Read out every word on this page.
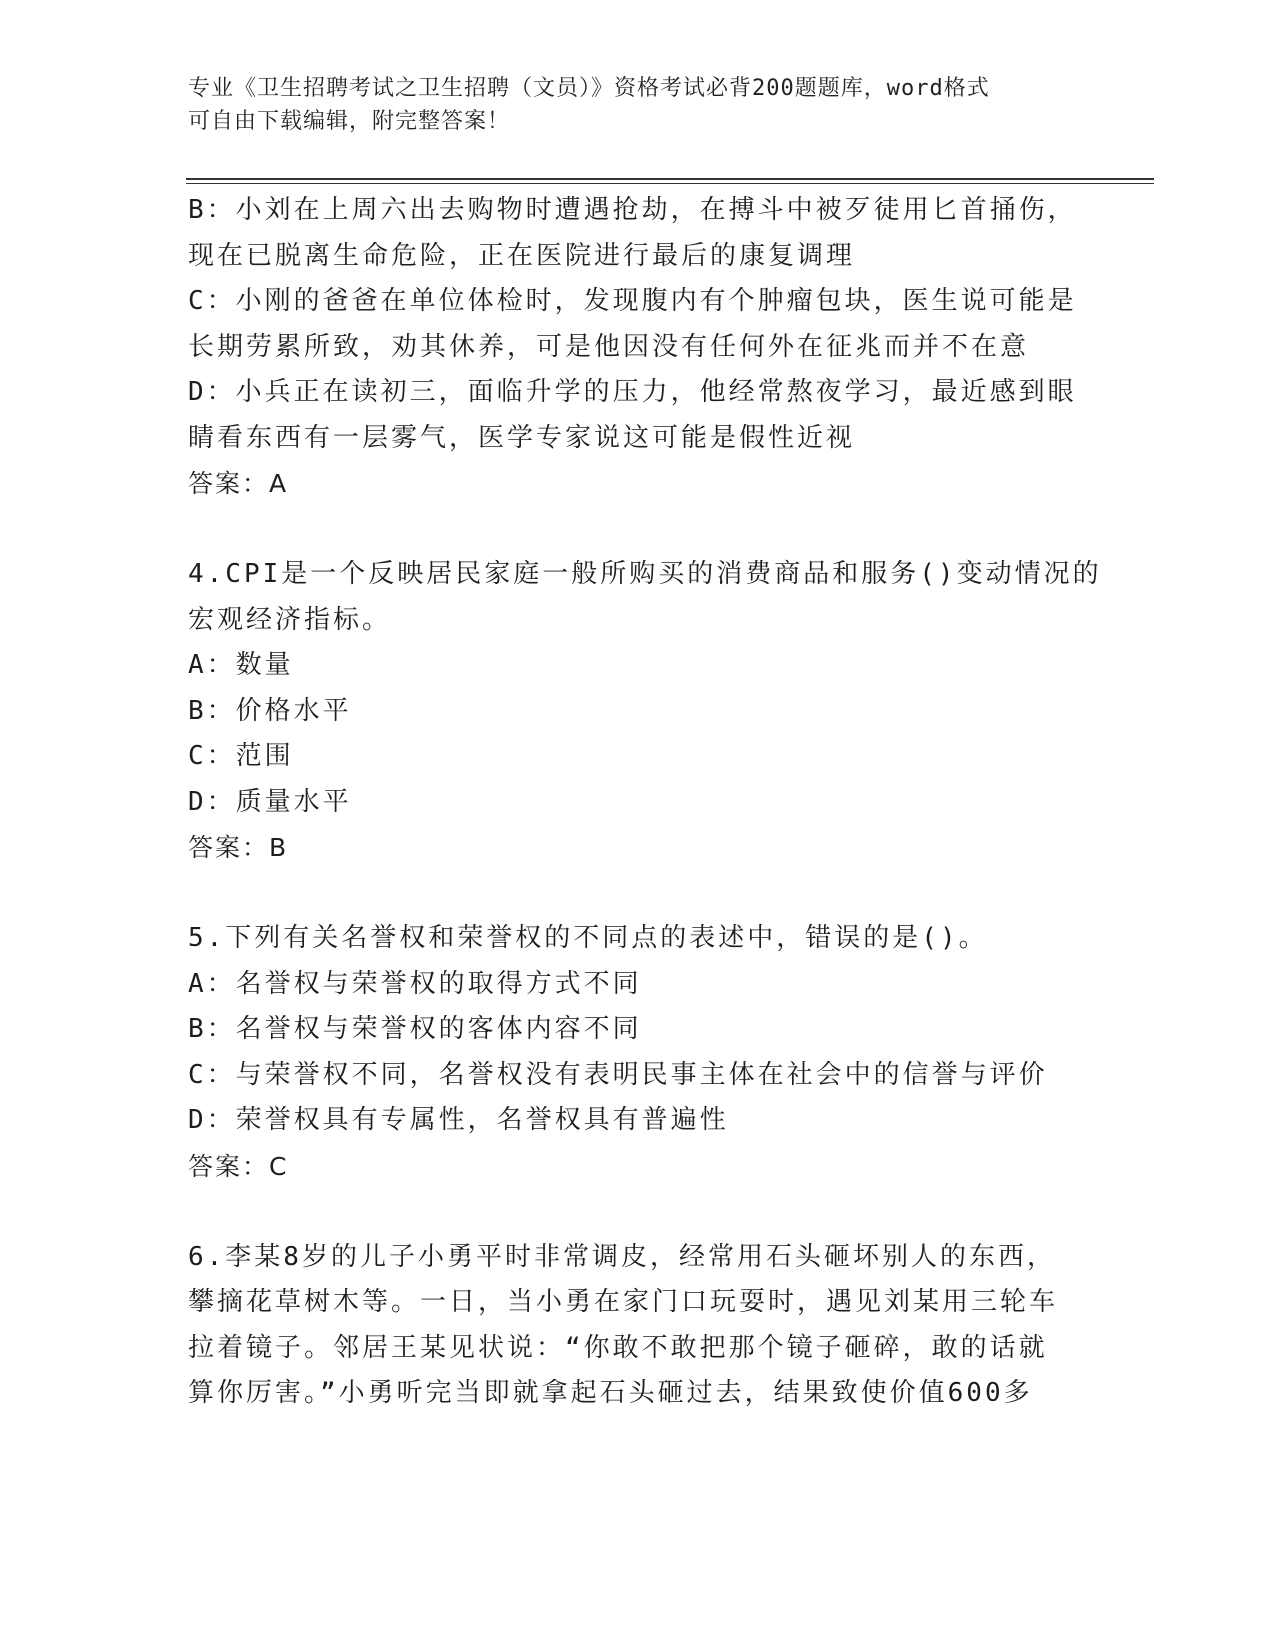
专业《卫生招聘考试之卫生招聘（文员）》资格考试必背200题题库，word格式
可自由下载编辑，附完整答案！
B：小刘在上周六出去购物时遭遇抢劫，在搏斗中被歹徒用匕首捅伤，
现在已脱离生命危险，正在医院进行最后的康复调理
C：小刚的爸爸在单位体检时，发现腹内有个肿瘤包块，医生说可能是
长期劳累所致，劝其休养，可是他因没有任何外在征兆而并不在意
D：小兵正在读初三，面临升学的压力，他经常熬夜学习，最近感到眼
睛看东西有一层雾气，医学专家说这可能是假性近视
答案：A
4.CPI是一个反映居民家庭一般所购买的消费商品和服务()变动情况的
宏观经济指标。
A：数量
B：价格水平
C：范围
D：质量水平
答案：B
5.下列有关名誉权和荣誉权的不同点的表述中，错误的是()。
A：名誉权与荣誉权的取得方式不同
B：名誉权与荣誉权的客体内容不同
C：与荣誉权不同，名誉权没有表明民事主体在社会中的信誉与评价
D：荣誉权具有专属性，名誉权具有普遍性
答案：C
6.李某8岁的儿子小勇平时非常调皮，经常用石头砸坏别人的东西，
攀摘花草树木等。一日，当小勇在家门口玩耍时，遇见刘某用三轮车
拉着镜子。邻居王某见状说：“你敢不敢把那个镜子砸碎，敢的话就
算你厉害。”小勇听完当即就拿起石头砸过去，结果致使价值600多
